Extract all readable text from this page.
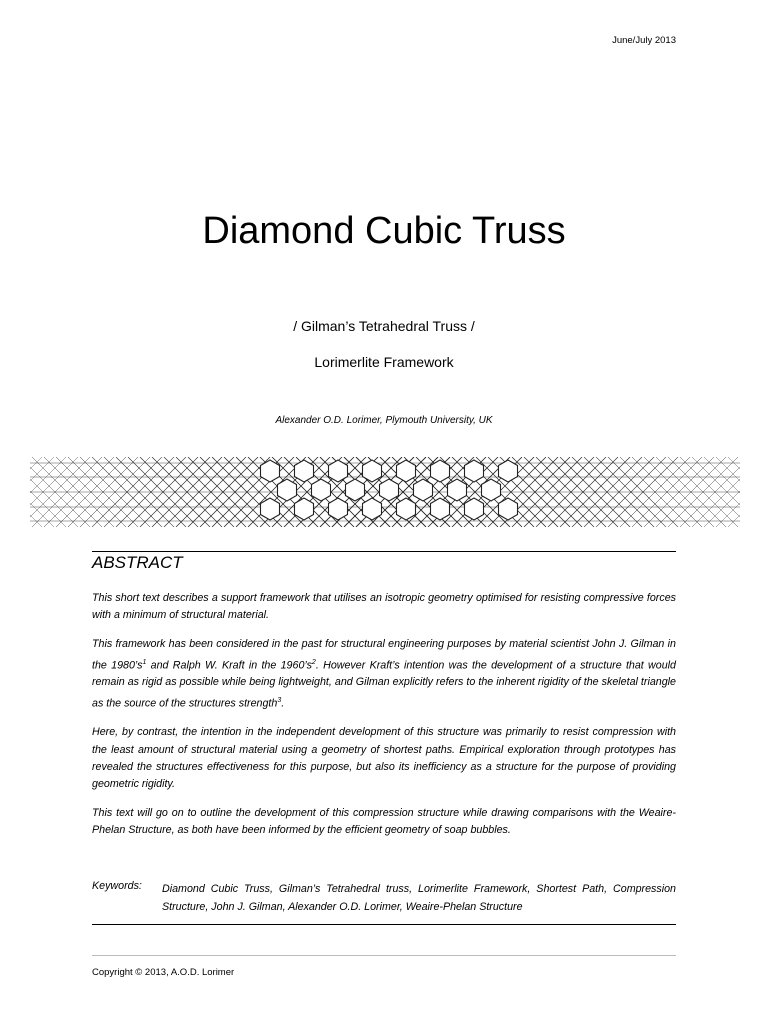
June/July 2013
Diamond Cubic Truss
/ Gilman’s Tetrahedral Truss /
Lorimerlite Framework
Alexander O.D. Lorimer, Plymouth University, UK
ABSTRACT

This short text describes a support framework that utilises an isotropic geometry optimised for resisting compressive forces with a minimum of structural material.

This framework has been considered in the past for structural engineering purposes by material scientist John J. Gilman in the $1980’s^1$ and Ralph W. Kraft in the $1960’s^2$. However Kraft’s intention was the development of a structure that would remain as rigid as possible while being lightweight, and Gilman explicitly refers to the inherent rigidity of the skeletal triangle as the source of the structures strength$^3$.

Here, by contrast, the intention in the independent development of this structure was primarily to resist compression with the least amount of structural material using a geometry of shortest paths. Empirical exploration through prototypes has revealed the structures effectiveness for this purpose, but also its inefficiency as a structure for the purpose of providing geometric rigidity.

This text will go on to outline the development of this compression structure while drawing comparisons with the Weaire-Phelan Structure, as both have been informed by the efficient geometry of soap bubbles.

Keywords: Diamond Cubic Truss, Gilman’s Tetrahedral truss, Lorimerlite Framework, Shortest Path, Compression Structure, John J. Gilman, Alexander O.D. Lorimer, Weaire-Phelan Structure
Copyright © 2013, A.O.D. Lorimer
